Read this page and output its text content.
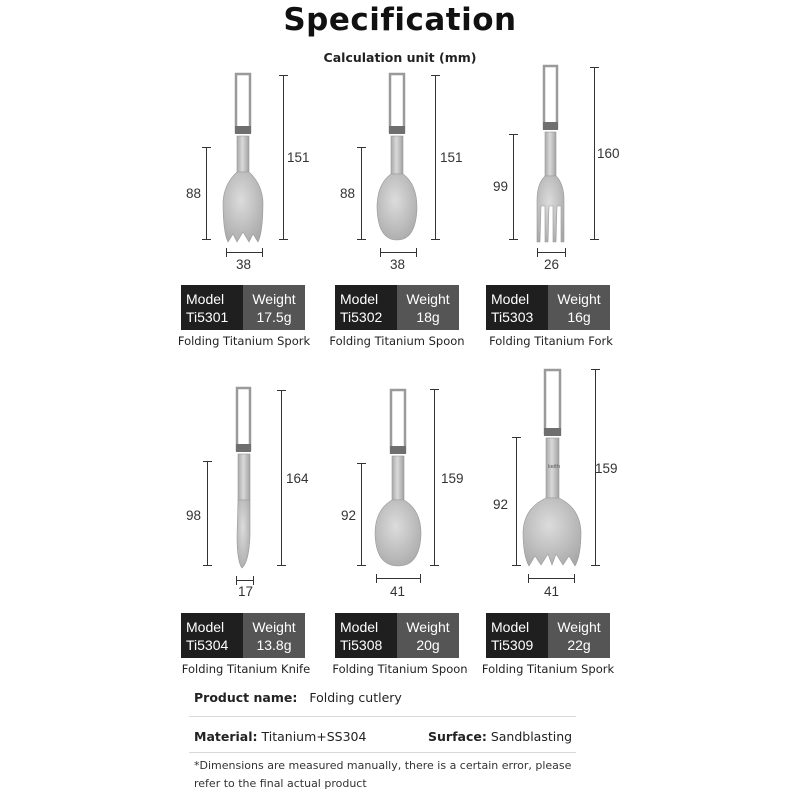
Specification
Calculation unit (mm)
151
88
38
Model
Ti5301
Weight
17.5g
Folding Titanium Spork
151
88
38
Model
Ti5302
Weight
18g
Folding Titanium Spoon
160
99
26
Model
Ti5303
Weight
16g
Folding Titanium Fork
164
98
17
Model
Ti5304
Weight
13.8g
Folding Titanium Knife
159
92
41
Model
Ti5308
Weight
20g
Folding Titanium Spoon
keith	159
92
41
Model
Ti5309
Weight
22g
Folding Titanium Spork
Product name: Folding cutlery
Material: Titanium+SS304	Surface: Sandblasting
*Dimensions are measured manually, there is a certain error, please refer to the final actual product
